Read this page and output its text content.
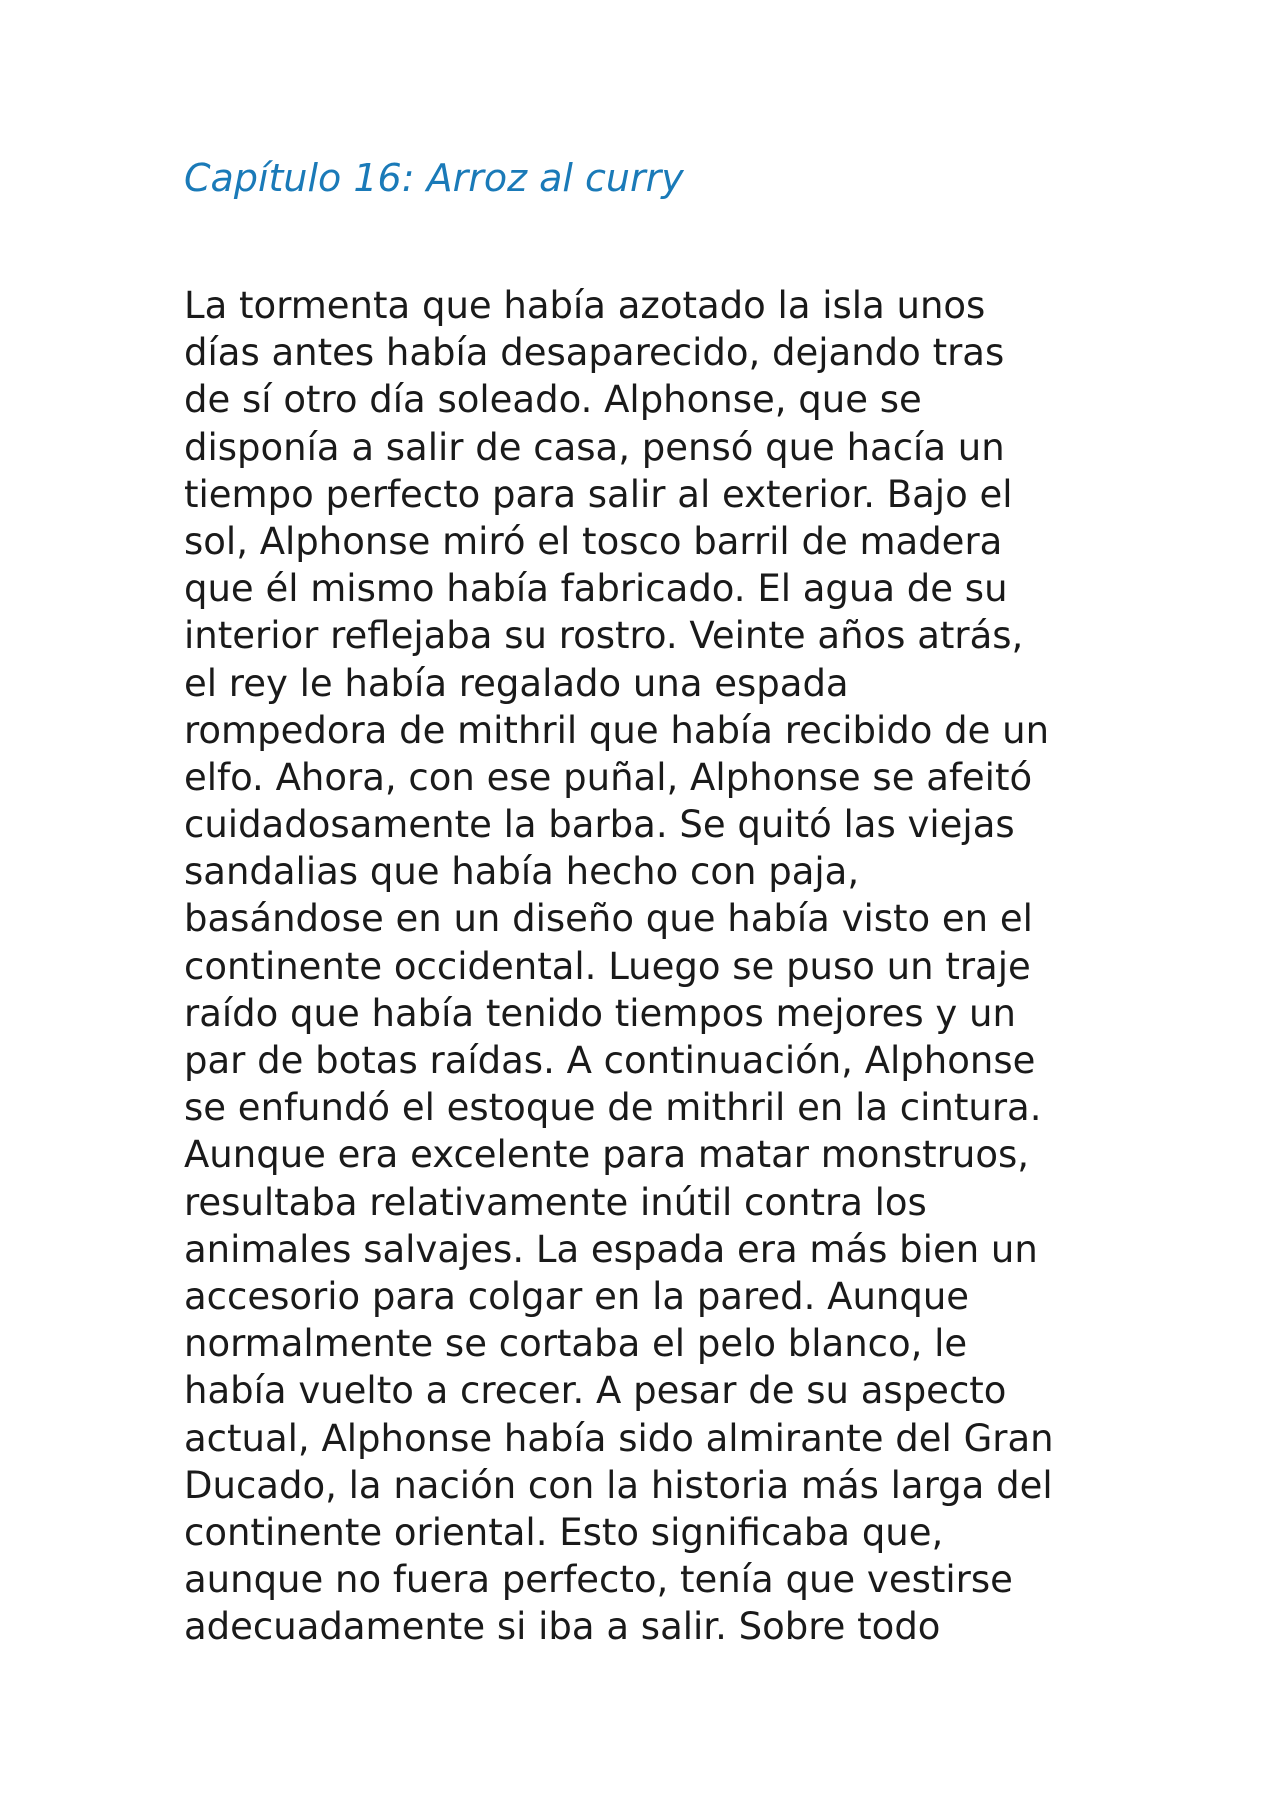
Capítulo 16: Arroz al curry
La tormenta que había azotado la isla unos
días antes había desaparecido, dejando tras
de sí otro día soleado. Alphonse, que se
disponía a salir de casa, pensó que hacía un
tiempo perfecto para salir al exterior. Bajo el
sol, Alphonse miró el tosco barril de madera
que él mismo había fabricado. El agua de su
interior reflejaba su rostro. Veinte años atrás,
el rey le había regalado una espada
rompedora de mithril que había recibido de un
elfo. Ahora, con ese puñal, Alphonse se afeitó
cuidadosamente la barba. Se quitó las viejas
sandalias que había hecho con paja,
basándose en un diseño que había visto en el
continente occidental. Luego se puso un traje
raído que había tenido tiempos mejores y un
par de botas raídas. A continuación, Alphonse
se enfundó el estoque de mithril en la cintura.
Aunque era excelente para matar monstruos,
resultaba relativamente inútil contra los
animales salvajes. La espada era más bien un
accesorio para colgar en la pared. Aunque
normalmente se cortaba el pelo blanco, le
había vuelto a crecer. A pesar de su aspecto
actual, Alphonse había sido almirante del Gran
Ducado, la nación con la historia más larga del
continente oriental. Esto significaba que,
aunque no fuera perfecto, tenía que vestirse
adecuadamente si iba a salir. Sobre todo
